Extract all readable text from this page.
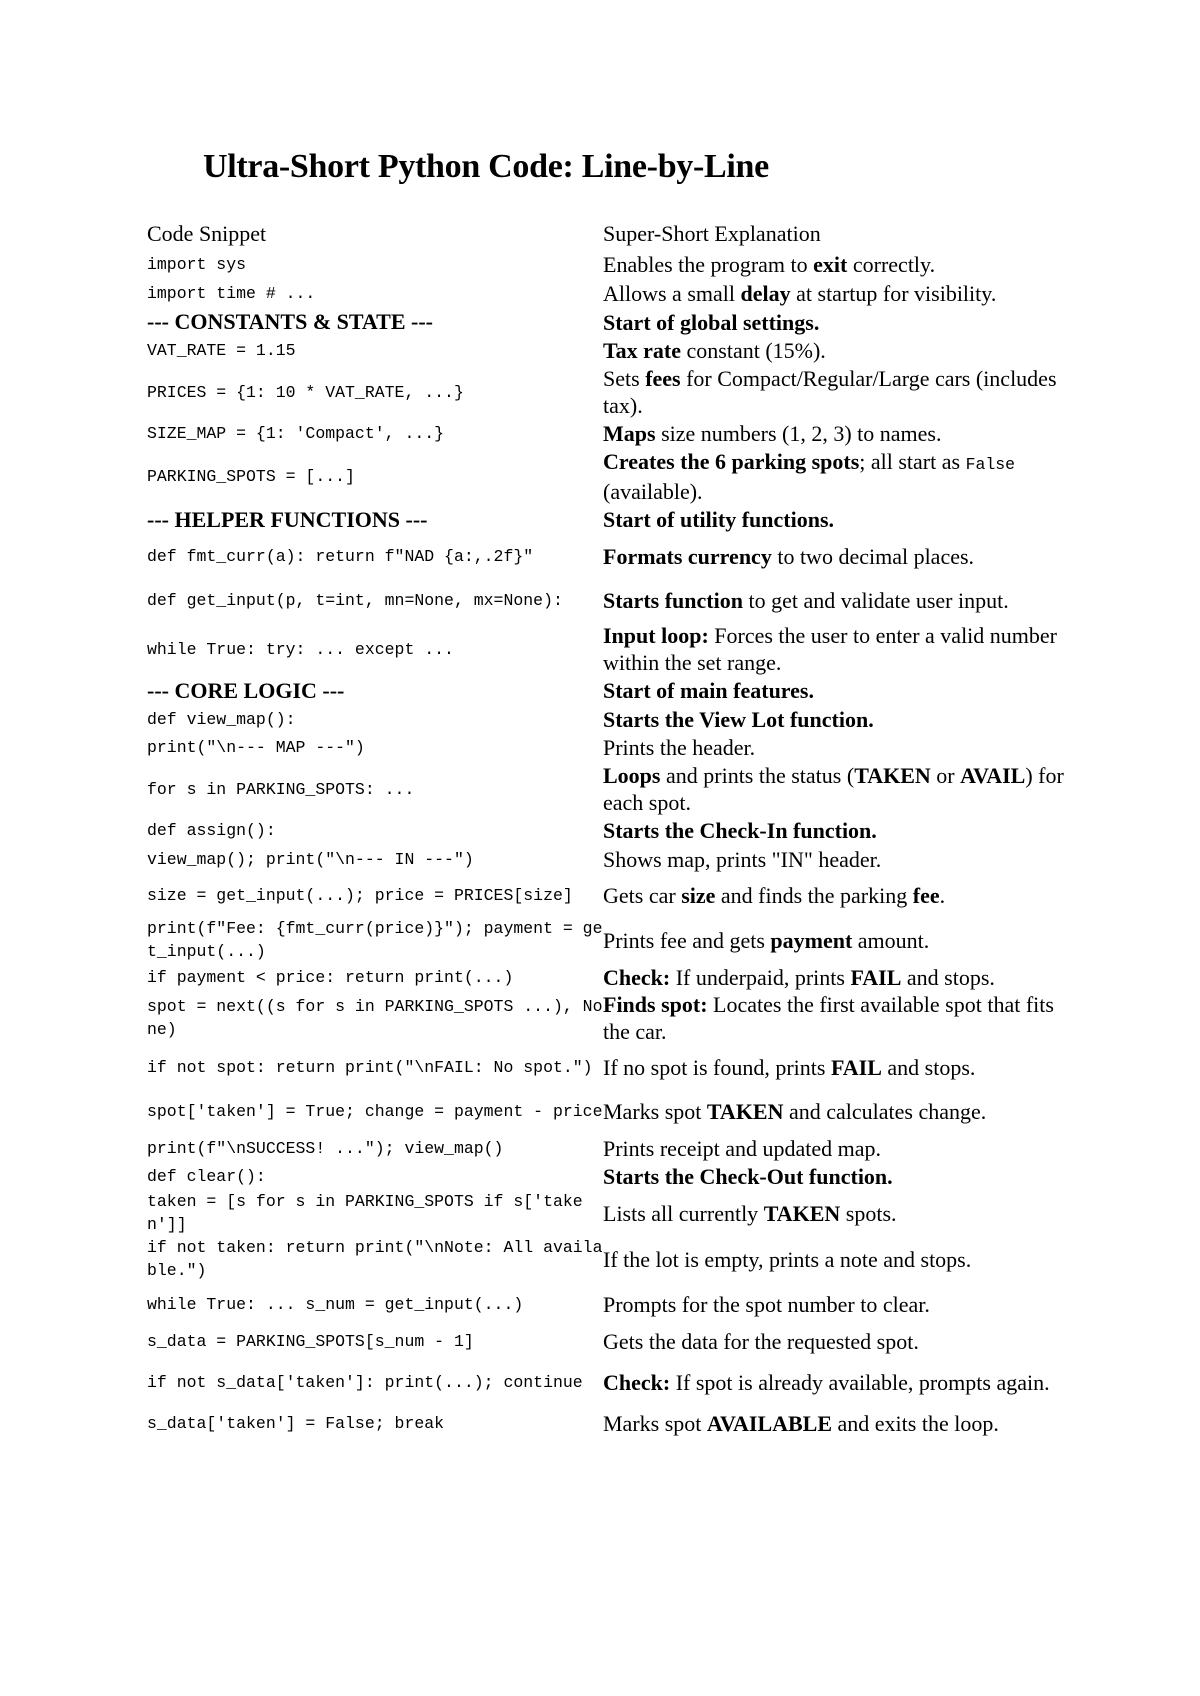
Ultra-Short Python Code: Line-by-Line
Code Snippet	Super-Short Explanation
import sys	Enables the program to exit correctly.
import time # ...	Allows a small delay at startup for visibility.
--- CONSTANTS & STATE ---	Start of global settings.
VAT_RATE = 1.15	Tax rate constant (15%).
PRICES = {1: 10 * VAT_RATE, ...}	Sets fees for Compact/Regular/Large cars (includes tax).
SIZE_MAP = {1: 'Compact', ...}	Maps size numbers (1, 2, 3) to names.
PARKING_SPOTS = [...]	Creates the 6 parking spots; all start as False (available).
--- HELPER FUNCTIONS ---	Start of utility functions.
def fmt_curr(a): return f"NAD {a:,.2f}"	Formats currency to two decimal places.
def get_input(p, t=int, mn=None, mx=None):	Starts function to get and validate user input.
while True: try: ... except ...	Input loop: Forces the user to enter a valid number within the set range.
--- CORE LOGIC ---	Start of main features.
def view_map():	Starts the View Lot function.
print("\n--- MAP ---")	Prints the header.
for s in PARKING_SPOTS: ...	Loops and prints the status (TAKEN or AVAIL) for each spot.
def assign():	Starts the Check-In function.
view_map(); print("\n--- IN ---")	Shows map, prints "IN" header.
size = get_input(...); price = PRICES[size]	Gets car size and finds the parking fee.
print(f"Fee: {fmt_curr(price)}"); payment = get_input(...)	Prints fee and gets payment amount.
if payment < price: return print(...)	Check: If underpaid, prints FAIL and stops.
spot = next((s for s in PARKING_SPOTS ...), None)	Finds spot: Locates the first available spot that fits the car.
if not spot: return print("\nFAIL: No spot.")	If no spot is found, prints FAIL and stops.
spot['taken'] = True; change = payment - price	Marks spot TAKEN and calculates change.
print(f"\nSUCCESS! ..."); view_map()	Prints receipt and updated map.
def clear():	Starts the Check-Out function.
taken = [s for s in PARKING_SPOTS if s['taken']]	Lists all currently TAKEN spots.
if not taken: return print("\nNote: All available.")	If the lot is empty, prints a note and stops.
while True: ... s_num = get_input(...)	Prompts for the spot number to clear.
s_data = PARKING_SPOTS[s_num - 1]	Gets the data for the requested spot.
if not s_data['taken']: print(...); continue	Check: If spot is already available, prompts again.
s_data['taken'] = False; break	Marks spot AVAILABLE and exits the loop.
